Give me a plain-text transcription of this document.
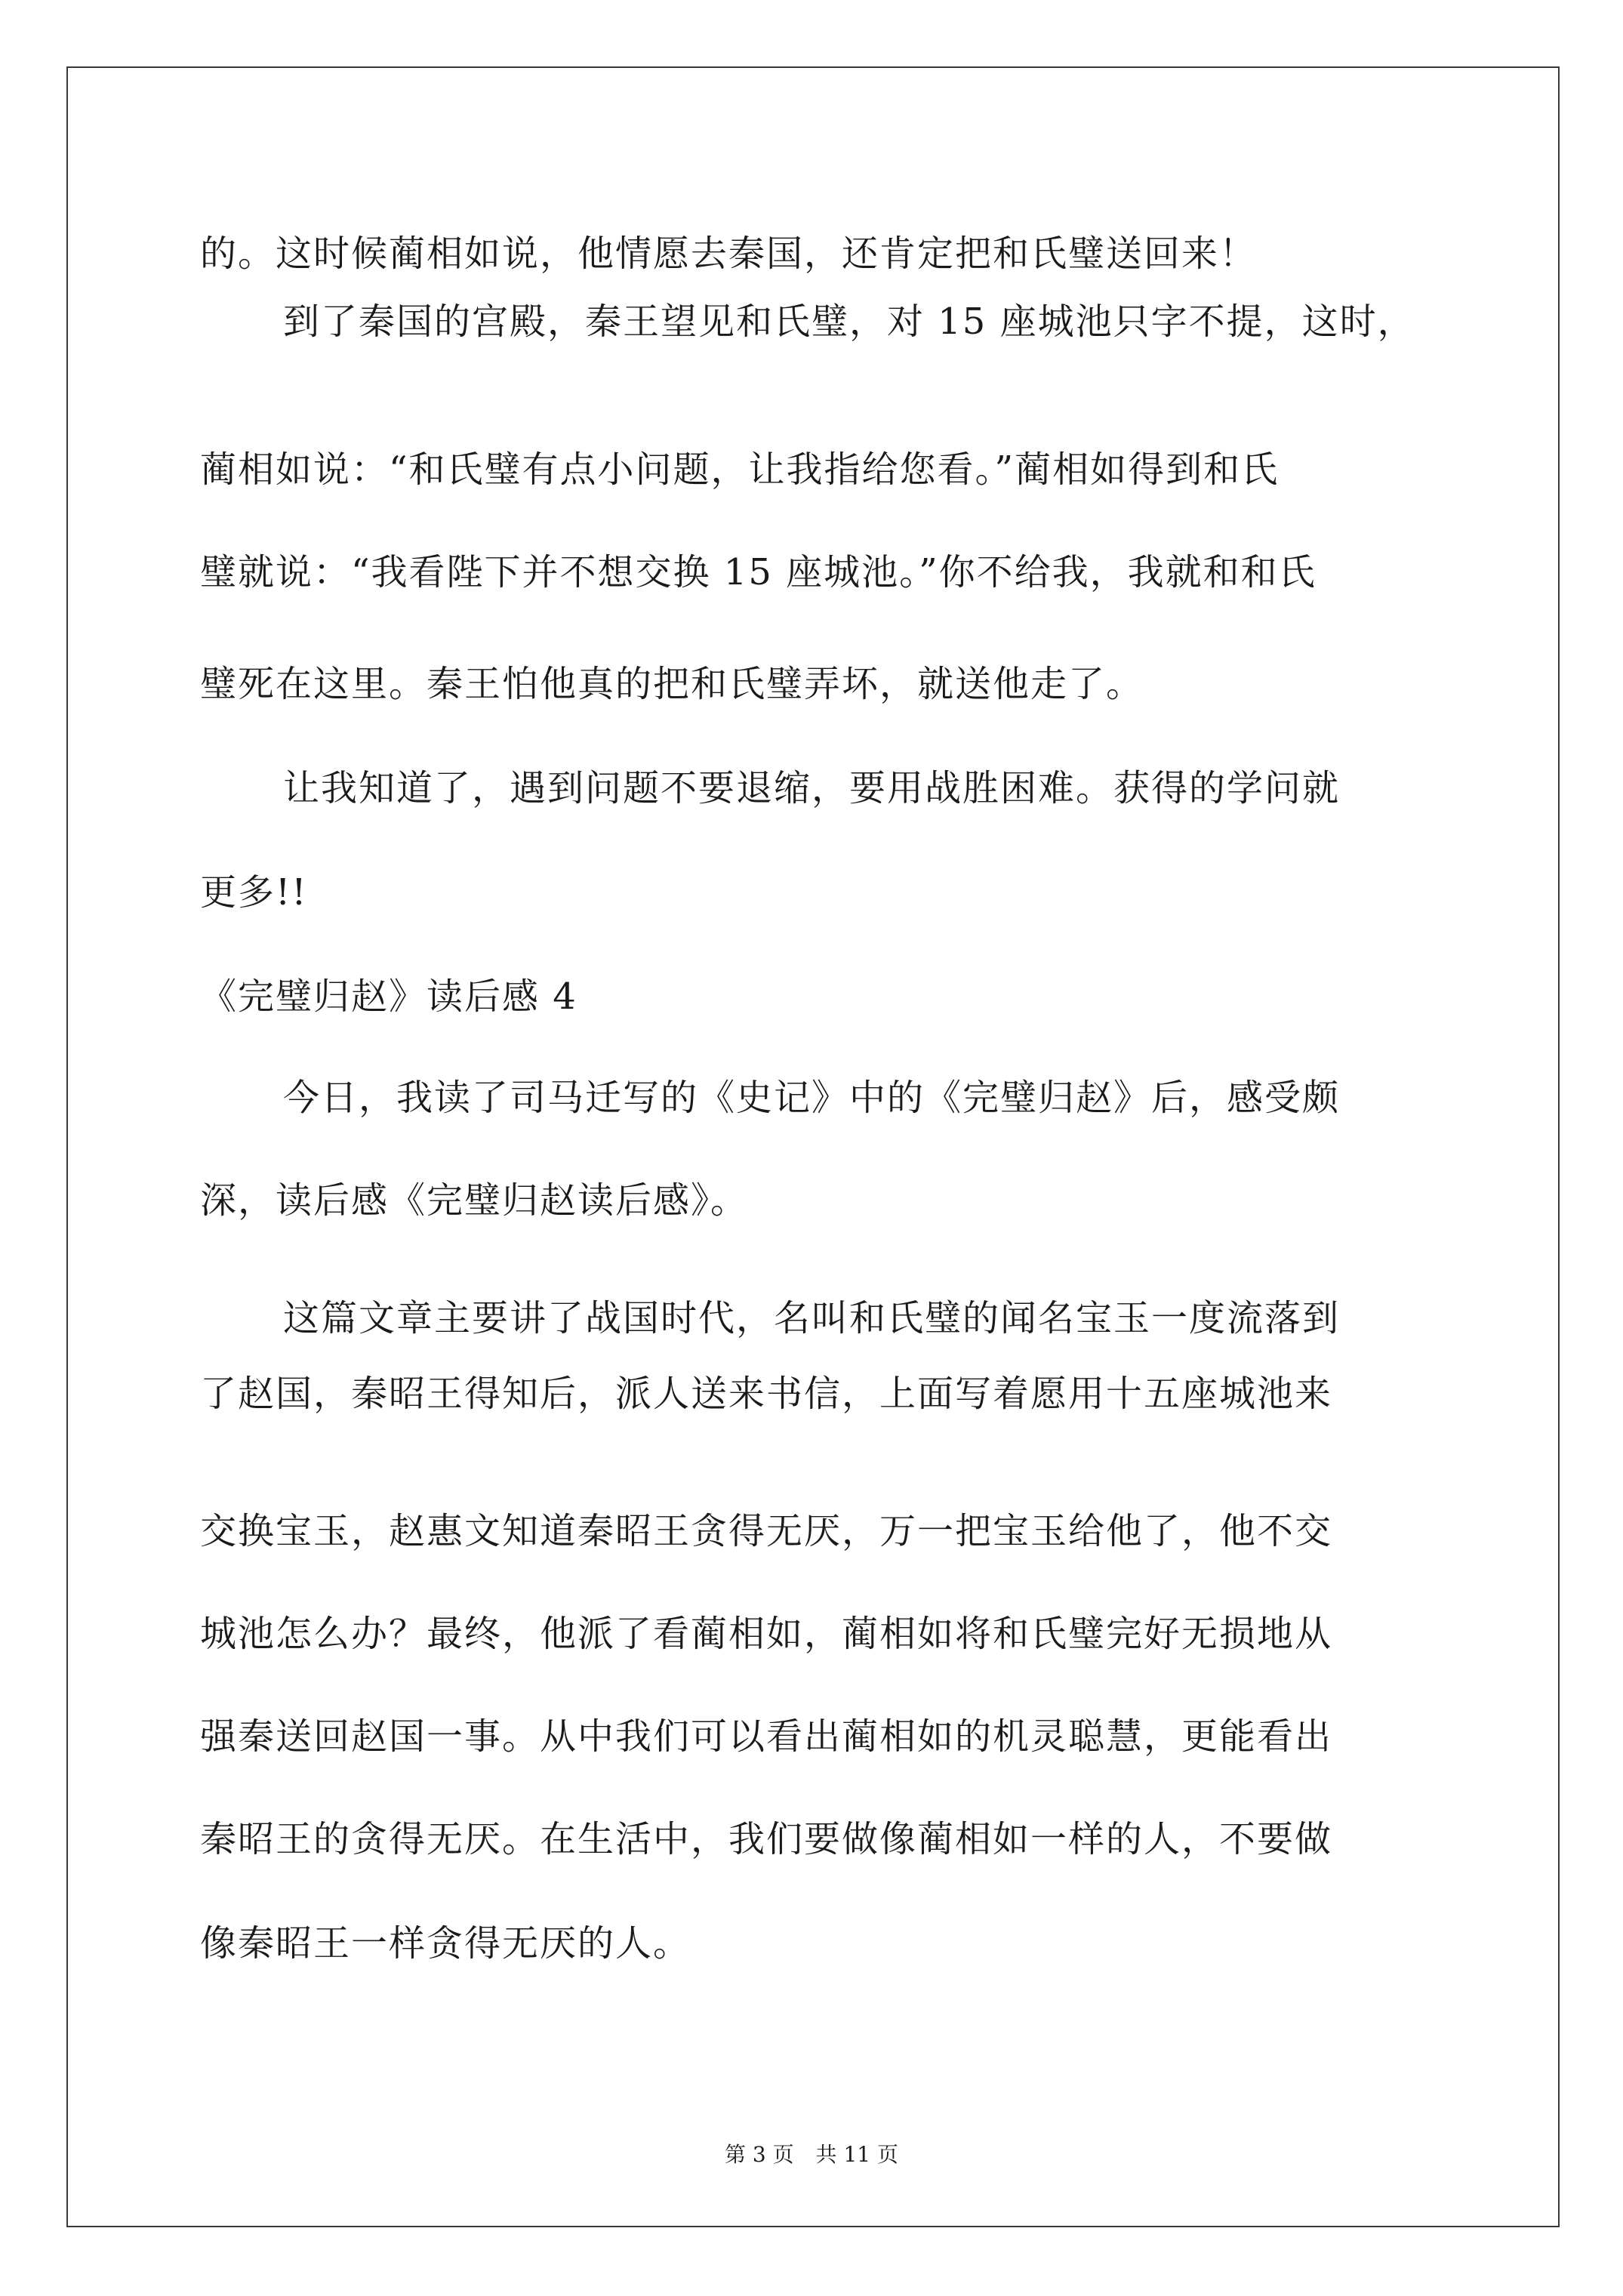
的。这时候蔺相如说，他情愿去秦国，还肯定把和氏璧送回来！
到了秦国的宫殿，秦王望见和氏璧，对 15 座城池只字不提，这时，
蔺相如说：“和氏璧有点小问题，让我指给您看。”蔺相如得到和氏
璧就说：“我看陛下并不想交换 15 座城池。”你不给我，我就和和氏
璧死在这里。秦王怕他真的把和氏璧弄坏，就送他走了。
让我知道了，遇到问题不要退缩，要用战胜困难。获得的学问就
更多!!
《完璧归赵》读后感 4
今日，我读了司马迁写的《史记》中的《完璧归赵》后，感受颇
深，读后感《完璧归赵读后感》。
这篇文章主要讲了战国时代，名叫和氏璧的闻名宝玉一度流落到
了赵国，秦昭王得知后，派人送来书信，上面写着愿用十五座城池来
交换宝玉，赵惠文知道秦昭王贪得无厌，万一把宝玉给他了，他不交
城池怎么办？最终，他派了看蔺相如，蔺相如将和氏璧完好无损地从
强秦送回赵国一事。从中我们可以看出蔺相如的机灵聪慧，更能看出
秦昭王的贪得无厌。在生活中，我们要做像蔺相如一样的人，不要做
像秦昭王一样贪得无厌的人。
第 3 页 共 11 页
